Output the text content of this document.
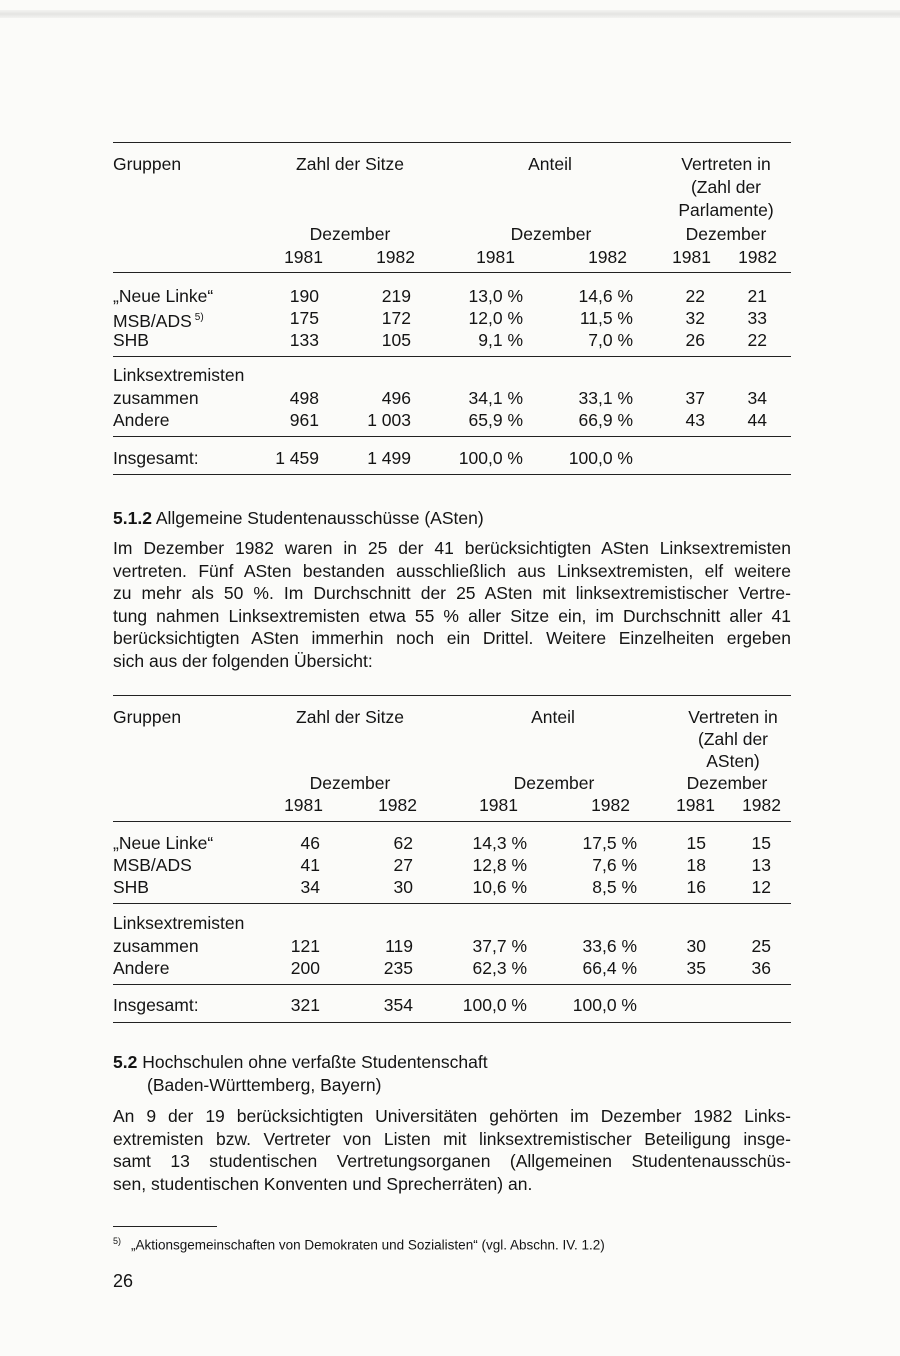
Gruppen	Zahl der Sitze	Anteil	Vertreten in
(Zahl der
Parlamente)
Dezember	Dezember	Dezember
1981	1982	1981	1982	1981	1982
„Neue Linke“	190	219	13,0 %	14,6 %	22	21
MSB/ADS $^{5)}$	175	172	12,0 %	11,5 %	32	33
SHB	133	105	9,1 %	7,0 %	26	22
Linksextremisten
zusammen	498	496	34,1 %	33,1 %	37	34
Andere	961	1 003	65,9 %	66,9 %	43	44
Insgesamt:	1 459	1 499	100,0 %	100,0 %
5.1.2 Allgemeine Studentenausschüsse (ASten)
Im Dezember 1982 waren in 25 der 41 berücksichtigten ASten Linksextremisten
vertreten. Fünf ASten bestanden ausschließlich aus Linksextremisten, elf weitere
zu mehr als 50 %. Im Durchschnitt der 25 ASten mit linksextremistischer Vertre-
tung nahmen Linksextremisten etwa 55 % aller Sitze ein, im Durchschnitt aller 41
berücksichtigten ASten immerhin noch ein Drittel. Weitere Einzelheiten ergeben
sich aus der folgenden Übersicht:
Gruppen	Zahl der Sitze	Anteil	Vertreten in
(Zahl der
ASten)
Dezember	Dezember	Dezember
1981	1982	1981	1982	1981	1982
„Neue Linke“	46	62	14,3 %	17,5 %	15	15
MSB/ADS	41	27	12,8 %	7,6 %	18	13
SHB	34	30	10,6 %	8,5 %	16	12
Linksextremisten
zusammen	121	119	37,7 %	33,6 %	30	25
Andere	200	235	62,3 %	66,4 %	35	36
Insgesamt:	321	354	100,0 %	100,0 %
5.2 Hochschulen ohne verfaßte Studentenschaft
(Baden-Württemberg, Bayern)
An 9 der 19 berücksichtigten Universitäten gehörten im Dezember 1982 Links-
extremisten bzw. Vertreter von Listen mit linksextremistischer Beteiligung insge-
samt 13 studentischen Vertretungsorganen (Allgemeinen Studentenausschüs-
sen, studentischen Konventen und Sprecherräten) an.
$^{5)}$ „Aktionsgemeinschaften von Demokraten und Sozialisten“ (vgl. Abschn. IV. 1.2)
26
